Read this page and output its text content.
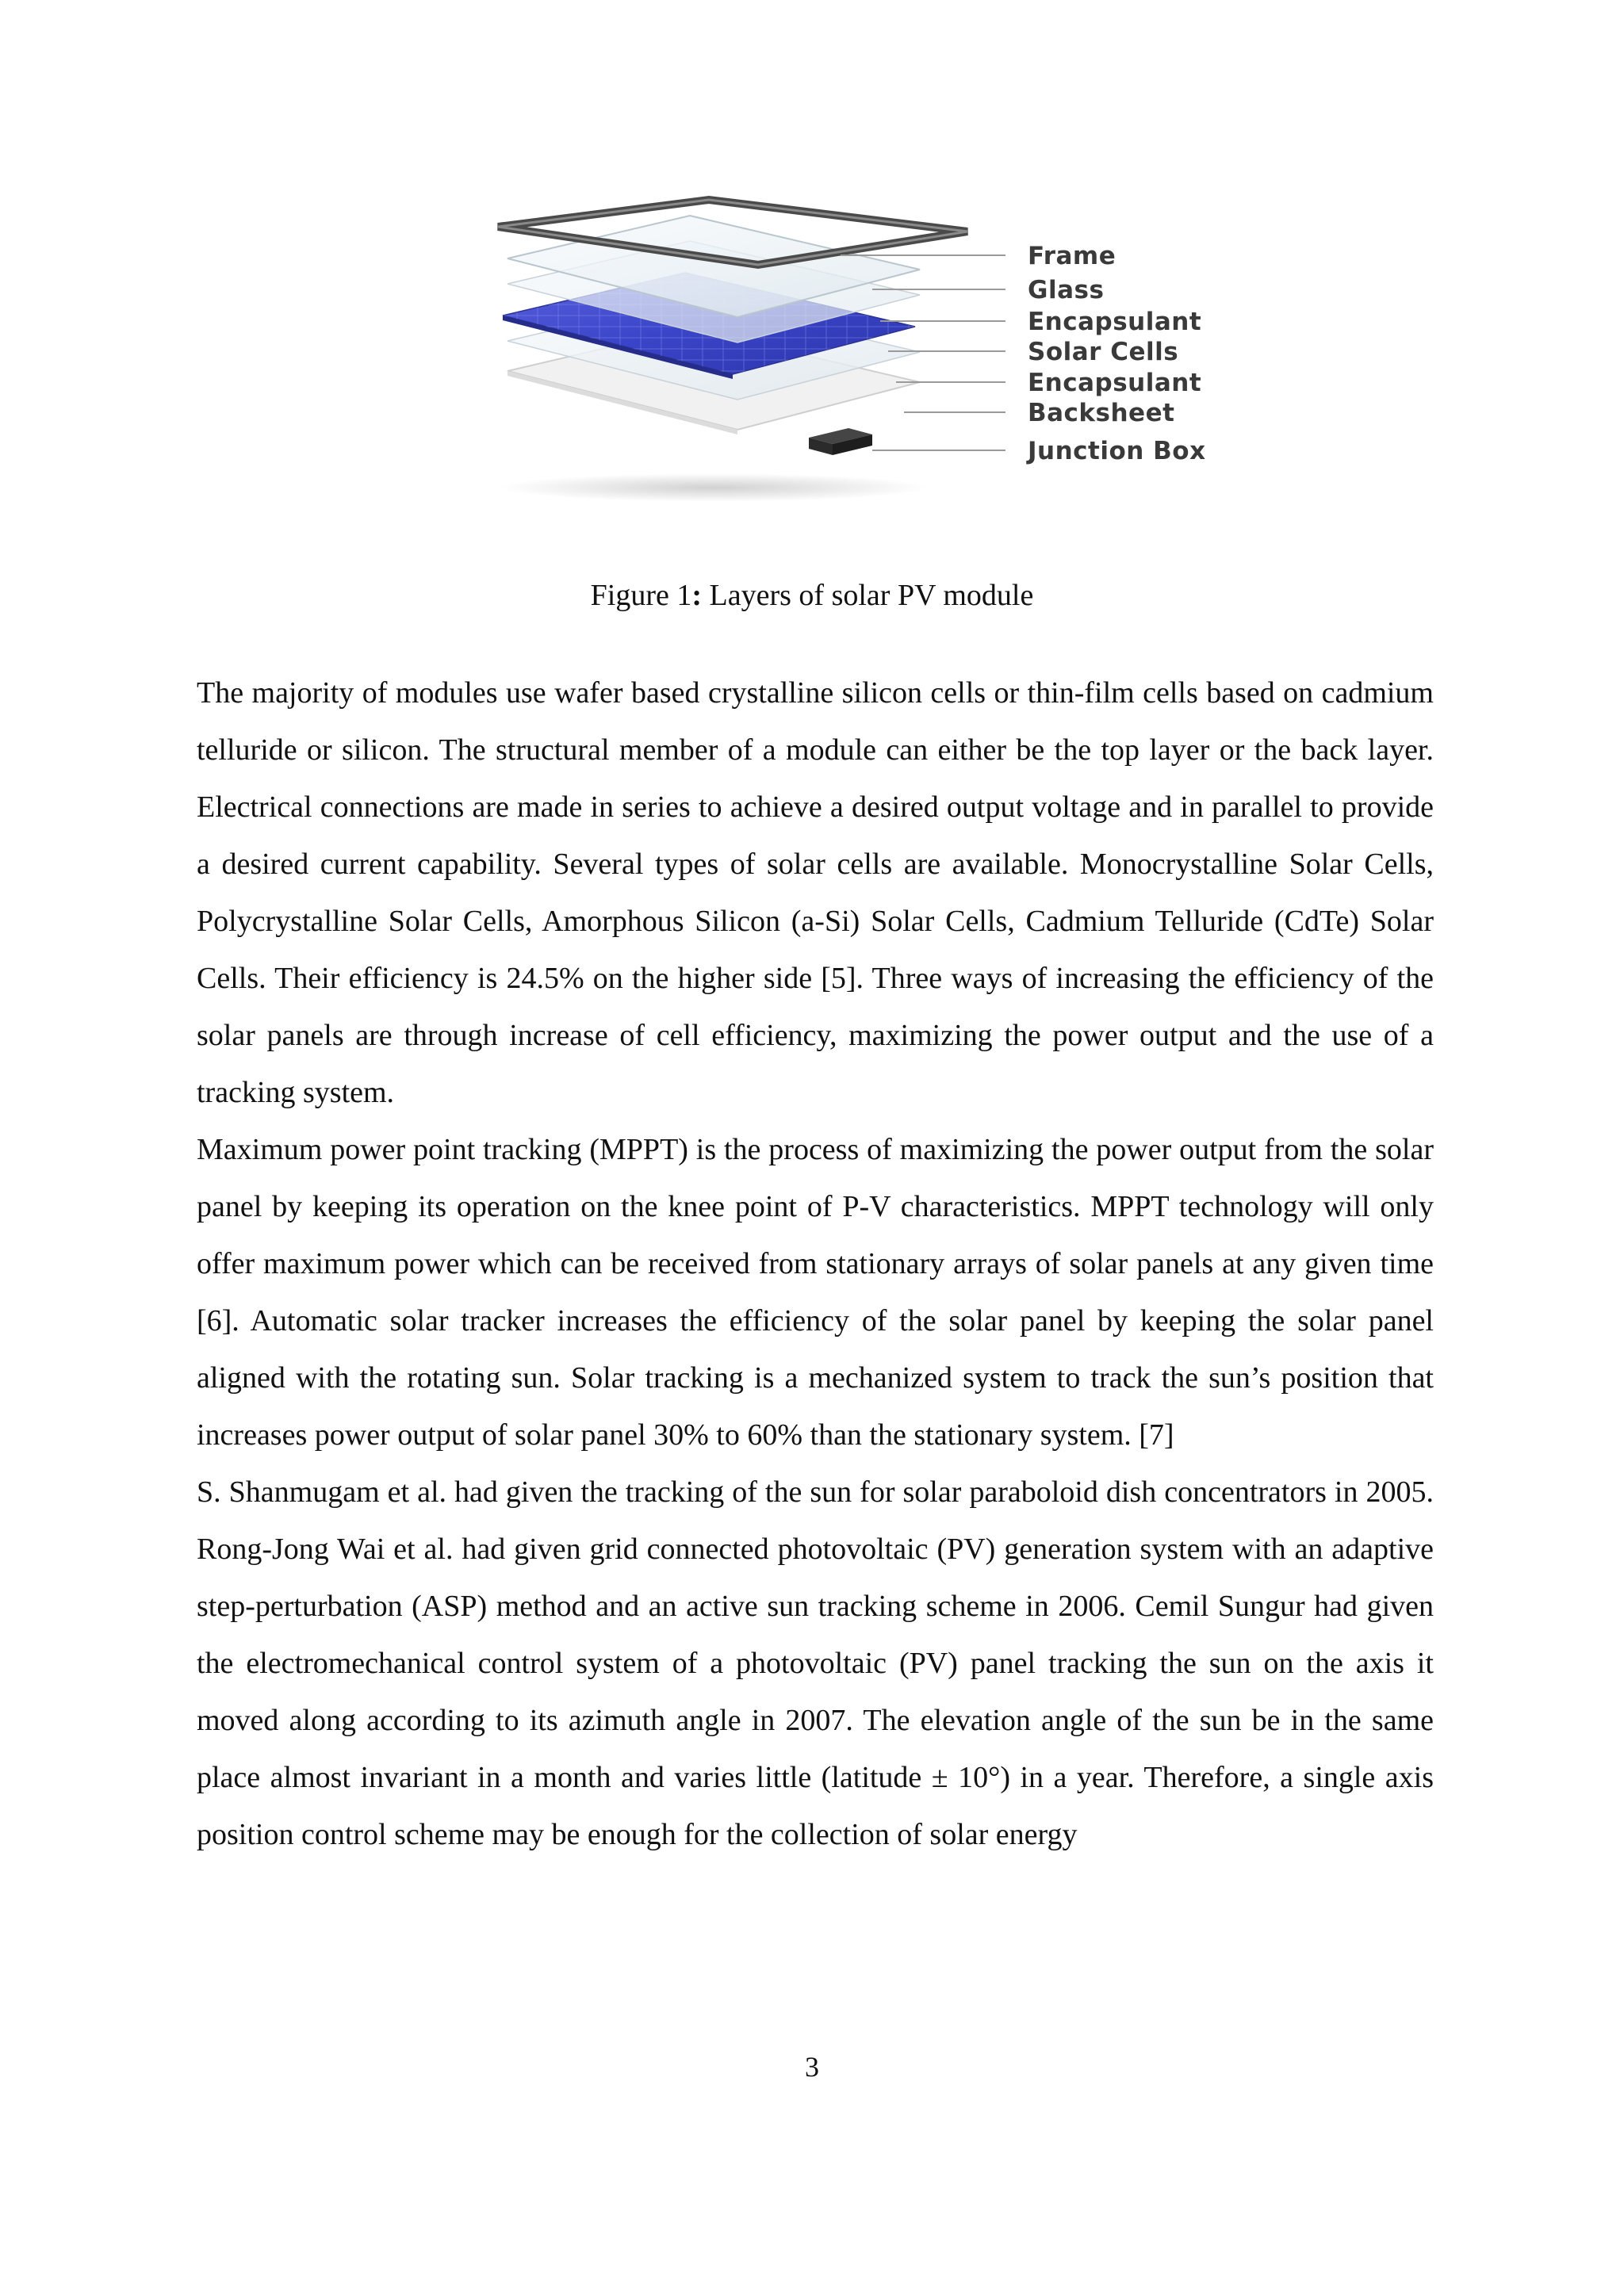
Frame
Glass
Encapsulant
Solar Cells
Encapsulant
Backsheet
Junction Box
Figure 1: Layers of solar PV module

The majority of modules use wafer based crystalline silicon cells or thin-film cells based on cadmium telluride or silicon. The structural member of a module can either be the top layer or the back layer. Electrical connections are made in series to achieve a desired output voltage and in parallel to provide a desired current capability. Several types of solar cells are available. Monocrystalline Solar Cells, Polycrystalline Solar Cells, Amorphous Silicon (a-Si) Solar Cells, Cadmium Telluride (CdTe) Solar Cells. Their efficiency is 24.5% on the higher side [5]. Three ways of increasing the efficiency of the solar panels are through increase of cell efficiency, maximizing the power output and the use of a tracking system.

Maximum power point tracking (MPPT) is the process of maximizing the power output from the solar panel by keeping its operation on the knee point of P-V characteristics. MPPT technology will only offer maximum power which can be received from stationary arrays of solar panels at any given time [6]. Automatic solar tracker increases the efficiency of the solar panel by keeping the solar panel aligned with the rotating sun. Solar tracking is a mechanized system to track the sun’s position that increases power output of solar panel 30% to 60% than the stationary system. [7]

S. Shanmugam et al. had given the tracking of the sun for solar paraboloid dish concentrators in 2005. Rong-Jong Wai et al. had given grid connected photovoltaic (PV) generation system with an adaptive step-perturbation (ASP) method and an active sun tracking scheme in 2006. Cemil Sungur had given the electromechanical control system of a photovoltaic (PV) panel tracking the sun on the axis it moved along according to its azimuth angle in 2007. The elevation angle of the sun be in the same place almost invariant in a month and varies little (latitude ± 10°) in a year. Therefore, a single axis position control scheme may be enough for the collection of solar energy

3
